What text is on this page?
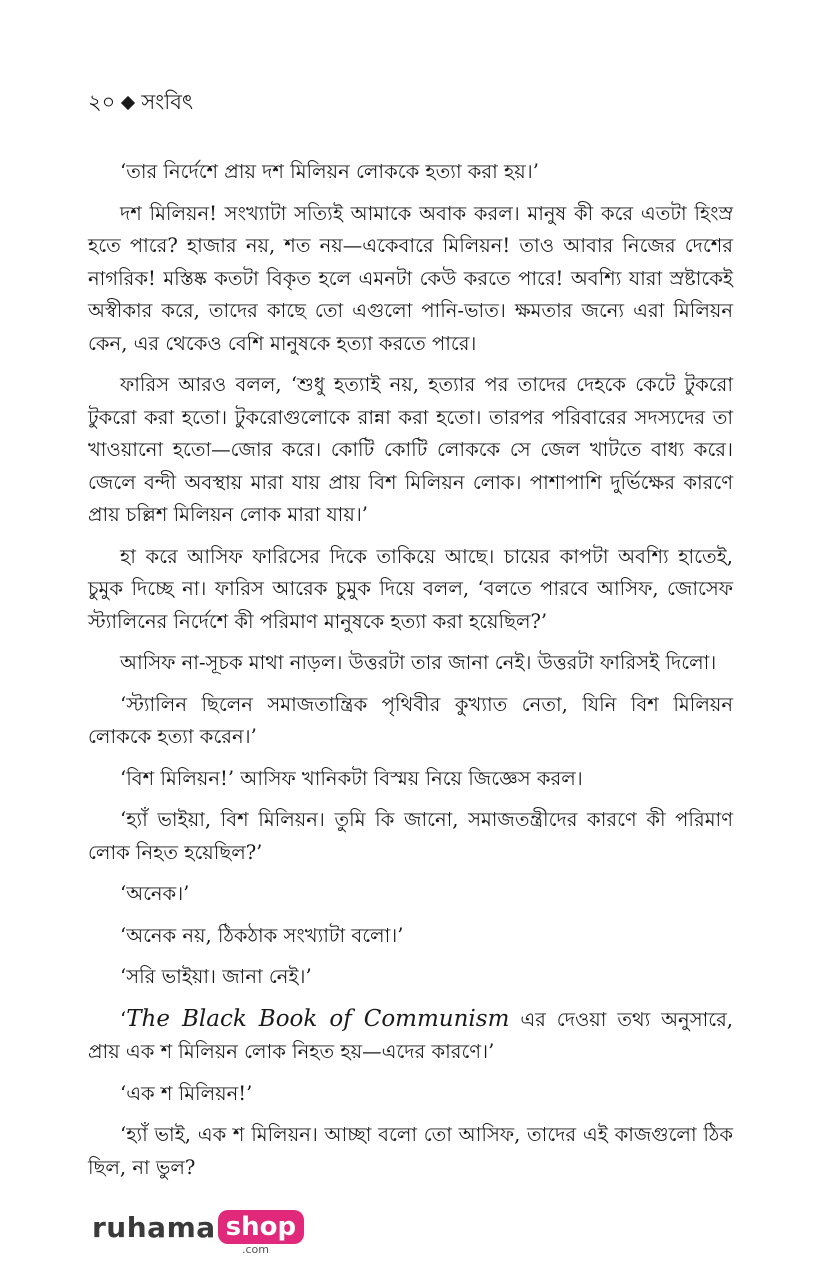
২০ সংবিৎ

‘তার নির্দেশে প্রায় দশ মিলিয়ন লোককে হত্যা করা হয়।’

দশ মিলিয়ন! সংখ্যাটা সত্যিই আমাকে অবাক করল। মানুষ কী করে এতটা হিংস্র হতে পারে? হাজার নয়, শত নয়—একেবারে মিলিয়ন! তাও আবার নিজের দেশের নাগরিক! মস্তিষ্ক কতটা বিকৃত হলে এমনটা কেউ করতে পারে! অবশ্যি যারা স্রষ্টাকেই অস্বীকার করে, তাদের কাছে তো এগুলো পানি-ভাত। ক্ষমতার জন্যে এরা মিলিয়ন কেন, এর থেকেও বেশি মানুষকে হত্যা করতে পারে।

ফারিস আরও বলল, ‘শুধু হত্যাই নয়, হত্যার পর তাদের দেহকে কেটে টুকরো টুকরো করা হতো। টুকরোগুলোকে রান্না করা হতো। তারপর পরিবারের সদস্যদের তা খাওয়ানো হতো—জোর করে। কোটি কোটি লোককে সে জেল খাটতে বাধ্য করে। জেলে বন্দী অবস্থায় মারা যায় প্রায় বিশ মিলিয়ন লোক। পাশাপাশি দুর্ভিক্ষের কারণে প্রায় চল্লিশ মিলিয়ন লোক মারা যায়।’

হা করে আসিফ ফারিসের দিকে তাকিয়ে আছে। চায়ের কাপটা অবশ্যি হাতেই, চুমুক দিচ্ছে না। ফারিস আরেক চুমুক দিয়ে বলল, ‘বলতে পারবে আসিফ, জোসেফ স্ট্যালিনের নির্দেশে কী পরিমাণ মানুষকে হত্যা করা হয়েছিল?’

আসিফ না-সূচক মাথা নাড়ল। উত্তরটা তার জানা নেই। উত্তরটা ফারিসই দিলো।

‘স্ট্যালিন ছিলেন সমাজতান্ত্রিক পৃথিবীর কুখ্যাত নেতা, যিনি বিশ মিলিয়ন লোককে হত্যা করেন।’

‘বিশ মিলিয়ন!’ আসিফ খানিকটা বিস্ময় নিয়ে জিজ্ঞেস করল।

‘হ্যাঁ ভাইয়া, বিশ মিলিয়ন। তুমি কি জানো, সমাজতন্ত্রীদের কারণে কী পরিমাণ লোক নিহত হয়েছিল?’

‘অনেক।’

‘অনেক নয়, ঠিকঠাক সংখ্যাটা বলো।’

‘সরি ভাইয়া। জানা নেই।’

‘The Black Book of Communism এর দেওয়া তথ্য অনুসারে, প্রায় এক শ মিলিয়ন লোক নিহত হয়—এদের কারণে।’

‘এক শ মিলিয়ন!’

‘হ্যাঁ ভাই, এক শ মিলিয়ন। আচ্ছা বলো তো আসিফ, তাদের এই কাজগুলো ঠিক ছিল, না ভুল?

ruhama shop
.com
